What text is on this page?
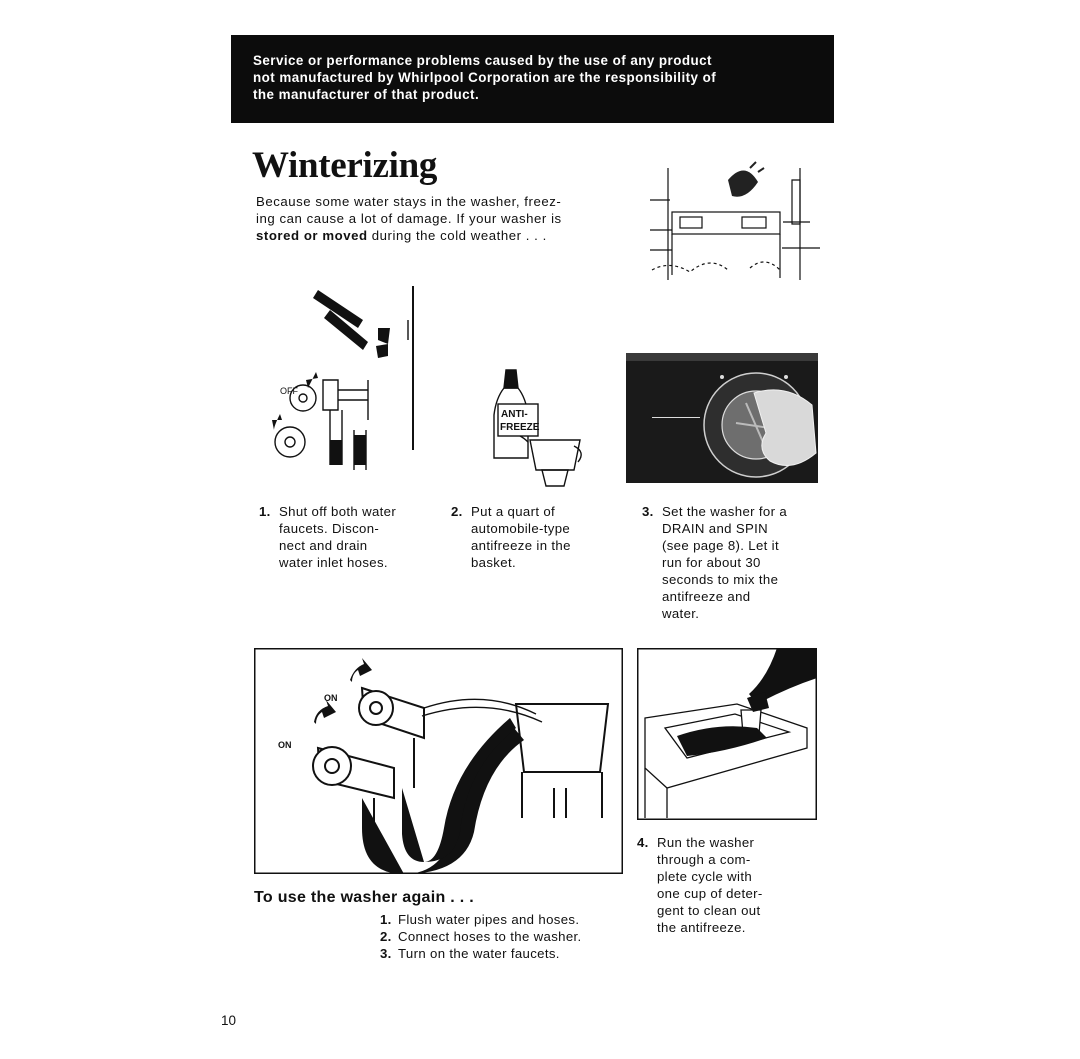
Service or performance problems caused by the use of any product
not manufactured by Whirlpool Corporation are the responsibility of
the manufacturer of that product.
Winterizing
Because some water stays in the washer, freez-
ing can cause a lot of damage. If your washer is
stored or moved during the cold weather . . .
OFF
ANTI-
FREEZE
1. Shut off both water
faucets. Discon-
nect and drain
water inlet hoses.
2. Put a quart of
automobile-type
antifreeze in the
basket.
3. Set the washer for a
DRAIN and SPIN
(see page 8). Let it
run for about 30
seconds to mix the
antifreeze and
water.
ON
ON
4. Run the washer
through a com-
plete cycle with
one cup of deter-
gent to clean out
the antifreeze.
To use the washer again . . .
1. Flush water pipes and hoses.
2. Connect hoses to the washer.
3. Turn on the water faucets.
10
